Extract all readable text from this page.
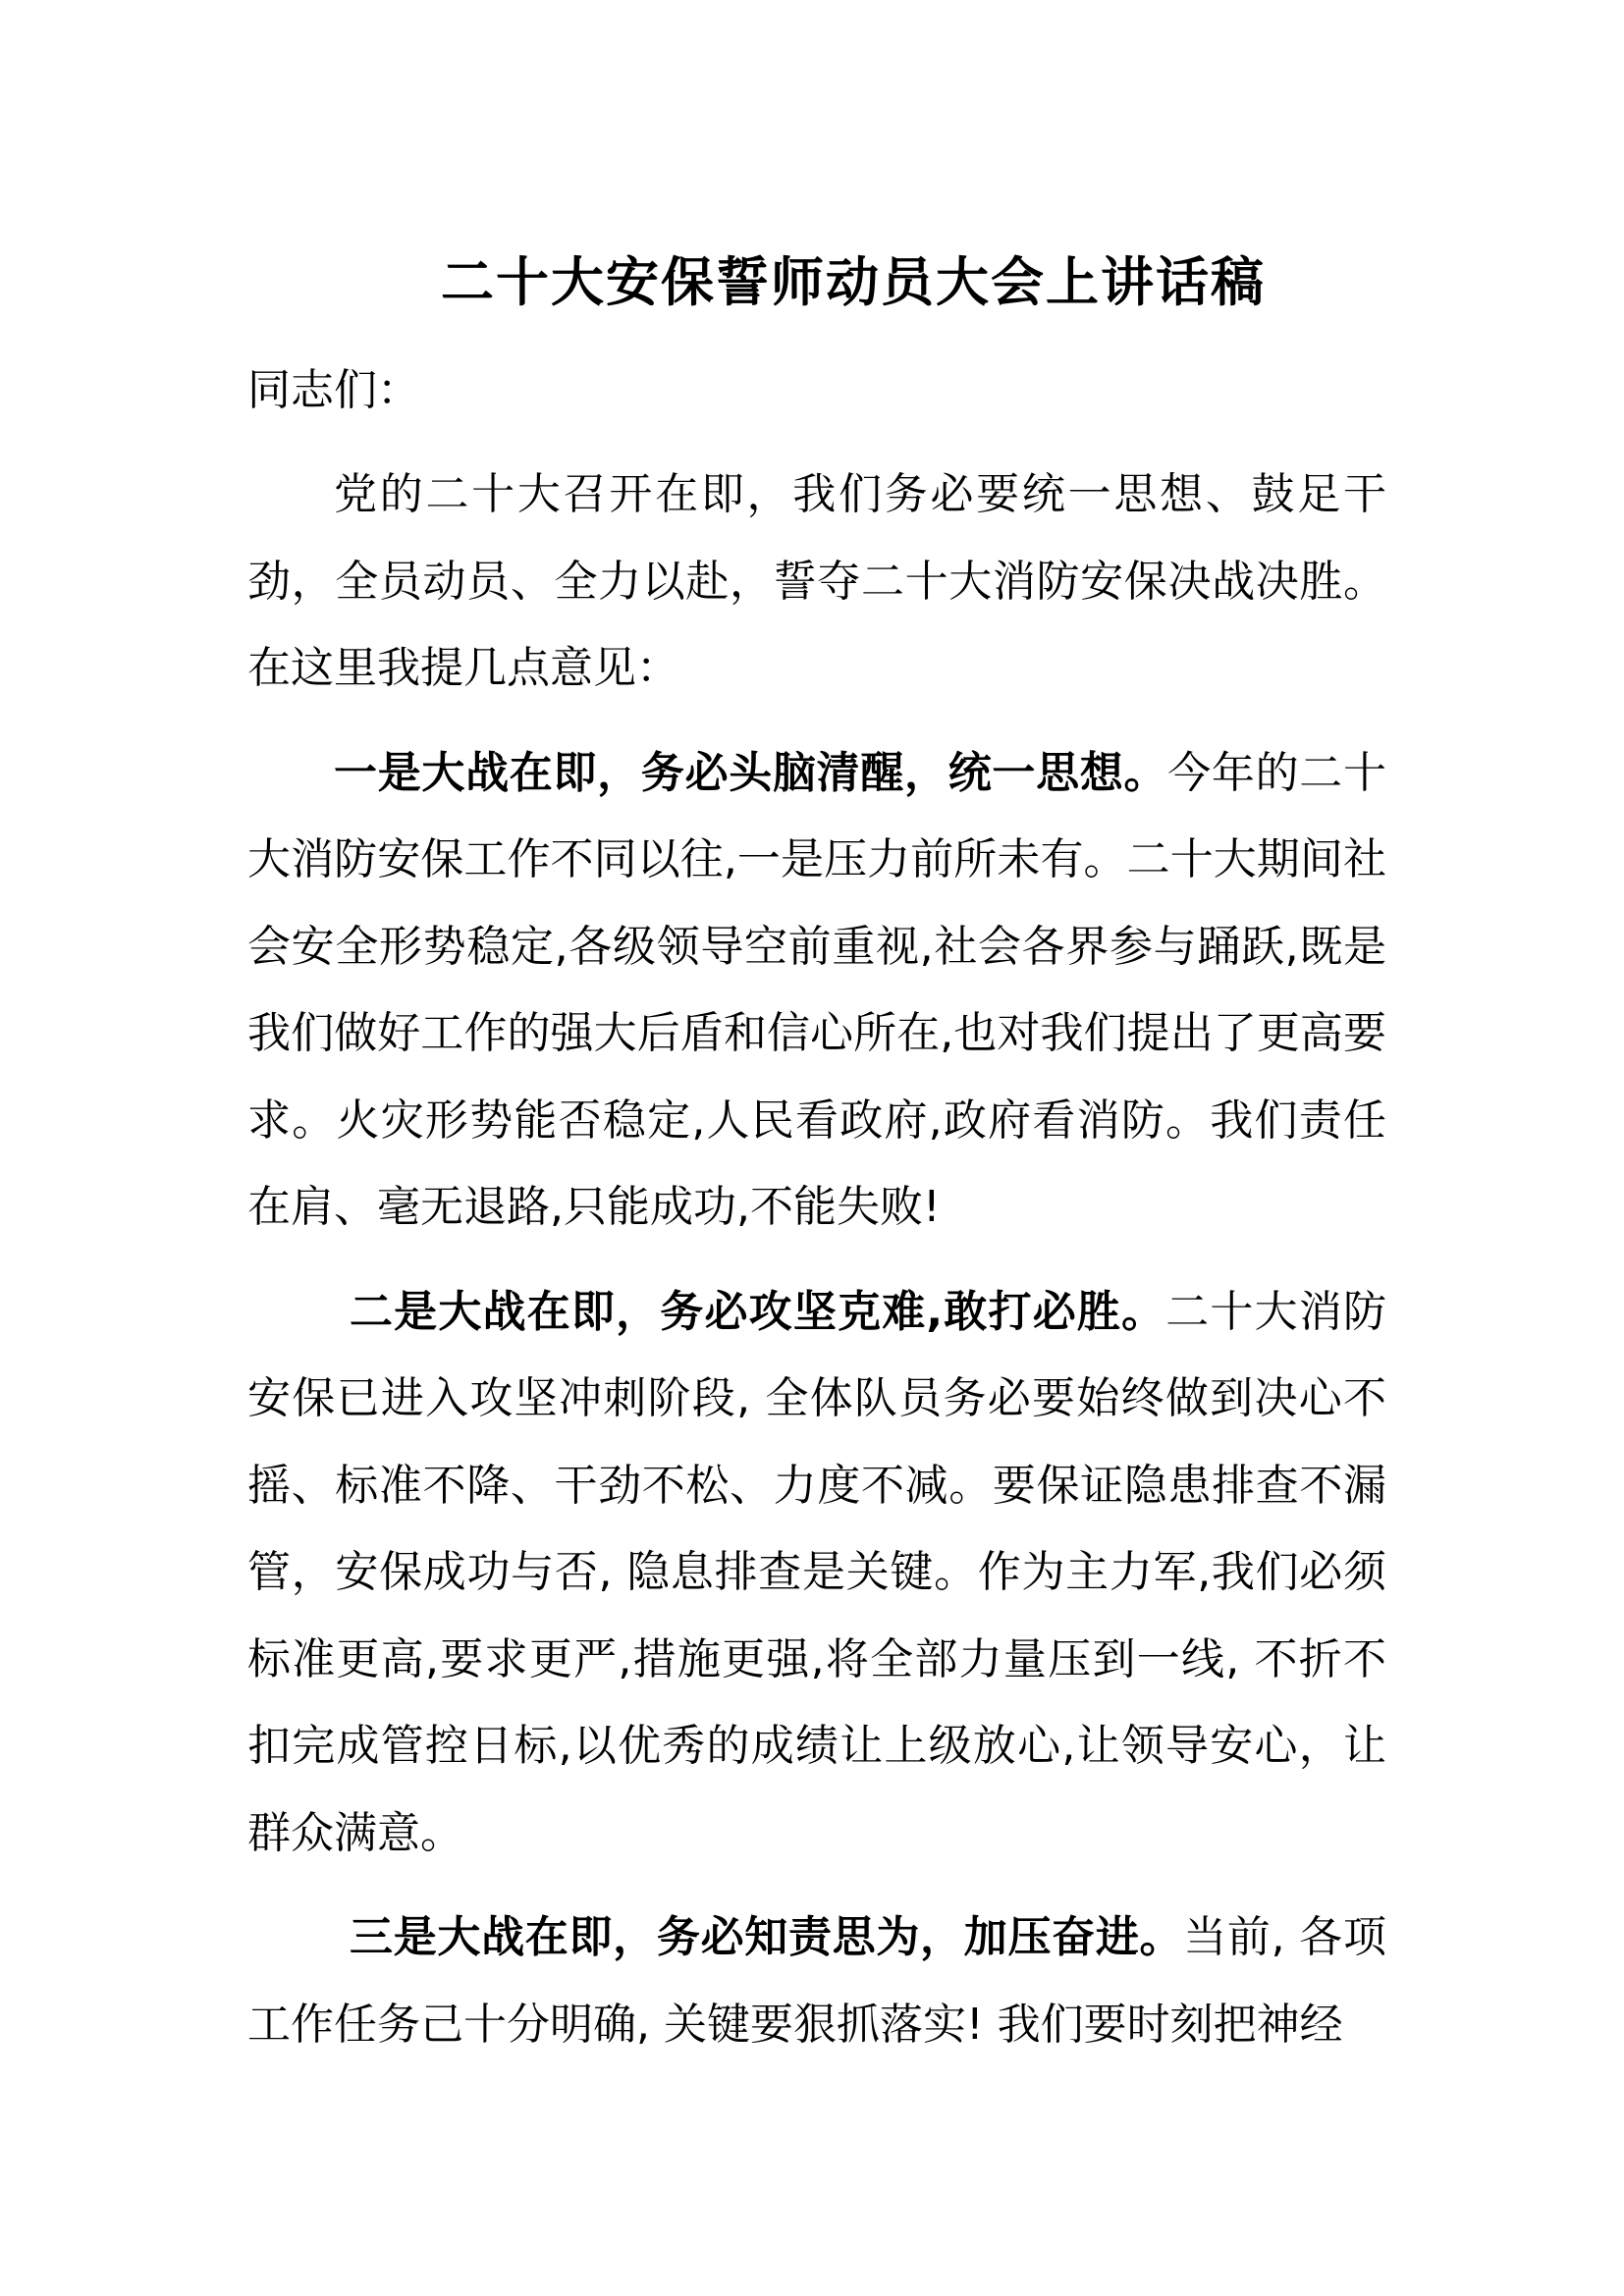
二十大安保誓师动员大会上讲话稿

同志们：

党的二十大召开在即，我们务必要统一思想、鼓足干劲，全员动员、全力以赴，誓夺二十大消防安保决战决胜。在这里我提几点意见：

一是大战在即，务必头脑清醒，统一思想。今年的二十大消防安保工作不同以往,一是压力前所未有。二十大期间社会安全形势稳定,各级领导空前重视,社会各界参与踊跃,既是我们做好工作的强大后盾和信心所在,也对我们提出了更高要求。火灾形势能否稳定,人民看政府,政府看消防。我们责任在肩、毫无退路,只能成功,不能失败!

二是大战在即，务必攻坚克难,敢打必胜。二十大消防安保已进入攻坚冲刺阶段, 全体队员务必要始终做到决心不摇、标准不降、干劲不松、力度不减。要保证隐患排查不漏管，安保成功与否, 隐息排查是关键。作为主力军,我们必须标准更高,要求更严,措施更强,将全部力量压到一线, 不折不扣完成管控日标,以优秀的成绩让上级放心,让领导安心，让群众满意。

三是大战在即，务必知责思为，加压奋进。当前, 各项工作任务己十分明确, 关键要狠抓落实! 我们要时刻把神经
